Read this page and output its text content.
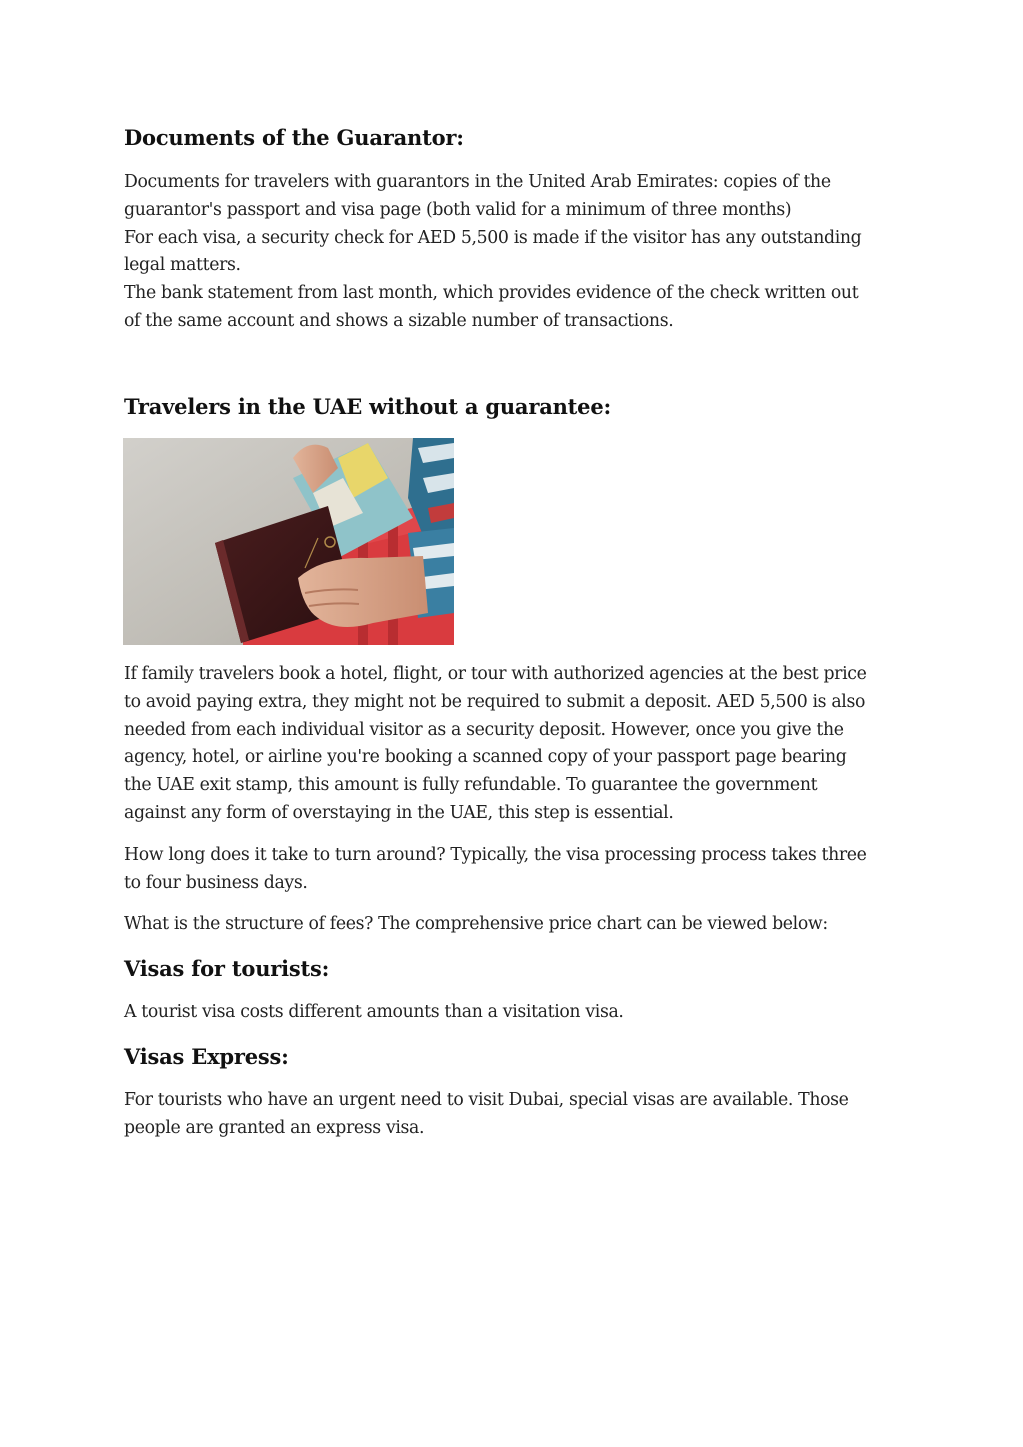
Documents of the Guarantor:

Documents for travelers with guarantors in the United Arab Emirates: copies of the
guarantor's passport and visa page (both valid for a minimum of three months)
For each visa, a security check for AED 5,500 is made if the visitor has any outstanding
legal matters.
The bank statement from last month, which provides evidence of the check written out
of the same account and shows a sizable number of transactions.

Travelers in the UAE without a guarantee:

If family travelers book a hotel, flight, or tour with authorized agencies at the best price
to avoid paying extra, they might not be required to submit a deposit. AED 5,500 is also
needed from each individual visitor as a security deposit. However, once you give the
agency, hotel, or airline you're booking a scanned copy of your passport page bearing
the UAE exit stamp, this amount is fully refundable. To guarantee the government
against any form of overstaying in the UAE, this step is essential.

How long does it take to turn around? Typically, the visa processing process takes three
to four business days.

What is the structure of fees? The comprehensive price chart can be viewed below:

Visas for tourists:

A tourist visa costs different amounts than a visitation visa.

Visas Express:

For tourists who have an urgent need to visit Dubai, special visas are available. Those
people are granted an express visa.
